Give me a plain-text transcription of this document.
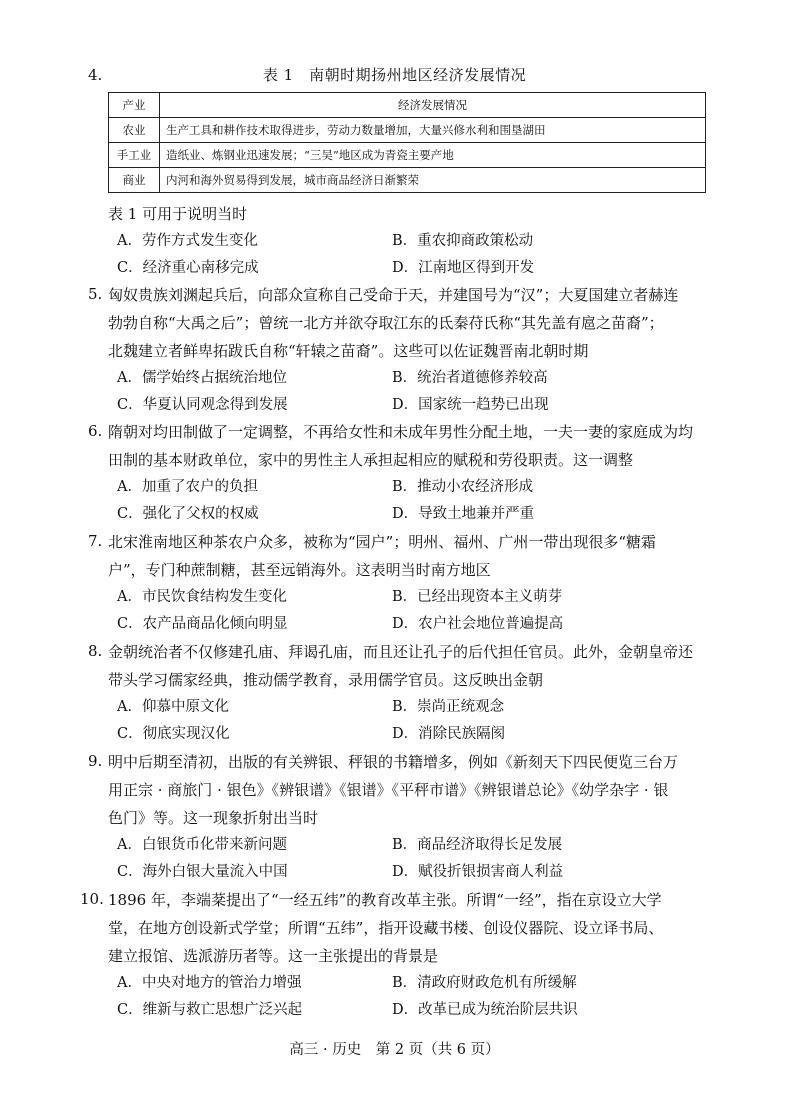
4.	表 1　南朝时期扬州地区经济发展情况
产业	经济发展情况
农业	生产工具和耕作技术取得进步，劳动力数量增加，大量兴修水利和围垦湖田
手工业	造纸业、炼钢业迅速发展；“三吴”地区成为青瓷主要产地
商业	内河和海外贸易得到发展，城市商品经济日渐繁荣
表 1 可用于说明当时
A．劳作方式发生变化	B．重农抑商政策松动
C．经济重心南移完成	D．江南地区得到开发
5. 匈奴贵族刘渊起兵后，向部众宣称自己受命于天，并建国号为“汉”；大夏国建立者赫连
勃勃自称“大禹之后”；曾统一北方并欲夺取江东的氐秦苻氏称“其先盖有扈之苗裔”；
北魏建立者鲜卑拓跋氏自称“轩辕之苗裔”。这些可以佐证魏晋南北朝时期
A．儒学始终占据统治地位	B．统治者道德修养较高
C．华夏认同观念得到发展	D．国家统一趋势已出现
6. 隋朝对均田制做了一定调整，不再给女性和未成年男性分配土地，一夫一妻的家庭成为均
田制的基本财政单位，家中的男性主人承担起相应的赋税和劳役职责。这一调整
A．加重了农户的负担	B．推动小农经济形成
C．强化了父权的权威	D．导致土地兼并严重
7. 北宋淮南地区种茶农户众多，被称为“园户”；明州、福州、广州一带出现很多“糖霜
户”，专门种蔗制糖，甚至远销海外。这表明当时南方地区
A．市民饮食结构发生变化	B．已经出现资本主义萌芽
C．农产品商品化倾向明显	D．农户社会地位普遍提高
8. 金朝统治者不仅修建孔庙、拜谒孔庙，而且还让孔子的后代担任官员。此外，金朝皇帝还
带头学习儒家经典，推动儒学教育，录用儒学官员。这反映出金朝
A．仰慕中原文化	B．崇尚正统观念
C．彻底实现汉化	D．消除民族隔阂
9. 明中后期至清初，出版的有关辨银、秤银的书籍增多，例如《新刻天下四民便览三台万
用正宗 · 商旅门 · 银色》《辨银谱》《银谱》《平秤市谱》《辨银谱总论》《幼学杂字 · 银
色门》等。这一现象折射出当时
A．白银货币化带来新问题	B．商品经济取得长足发展
C．海外白银大量流入中国	D．赋役折银损害商人利益
10. 1896 年，李端棻提出了“一经五纬”的教育改革主张。所谓“一经”，指在京设立大学
堂，在地方创设新式学堂；所谓“五纬”，指开设藏书楼、创设仪器院、设立译书局、
建立报馆、选派游历者等。这一主张提出的背景是
A．中央对地方的管治力增强	B．清政府财政危机有所缓解
C．维新与救亡思想广泛兴起	D．改革已成为统治阶层共识
高三 · 历史　第 2 页（共 6 页）
